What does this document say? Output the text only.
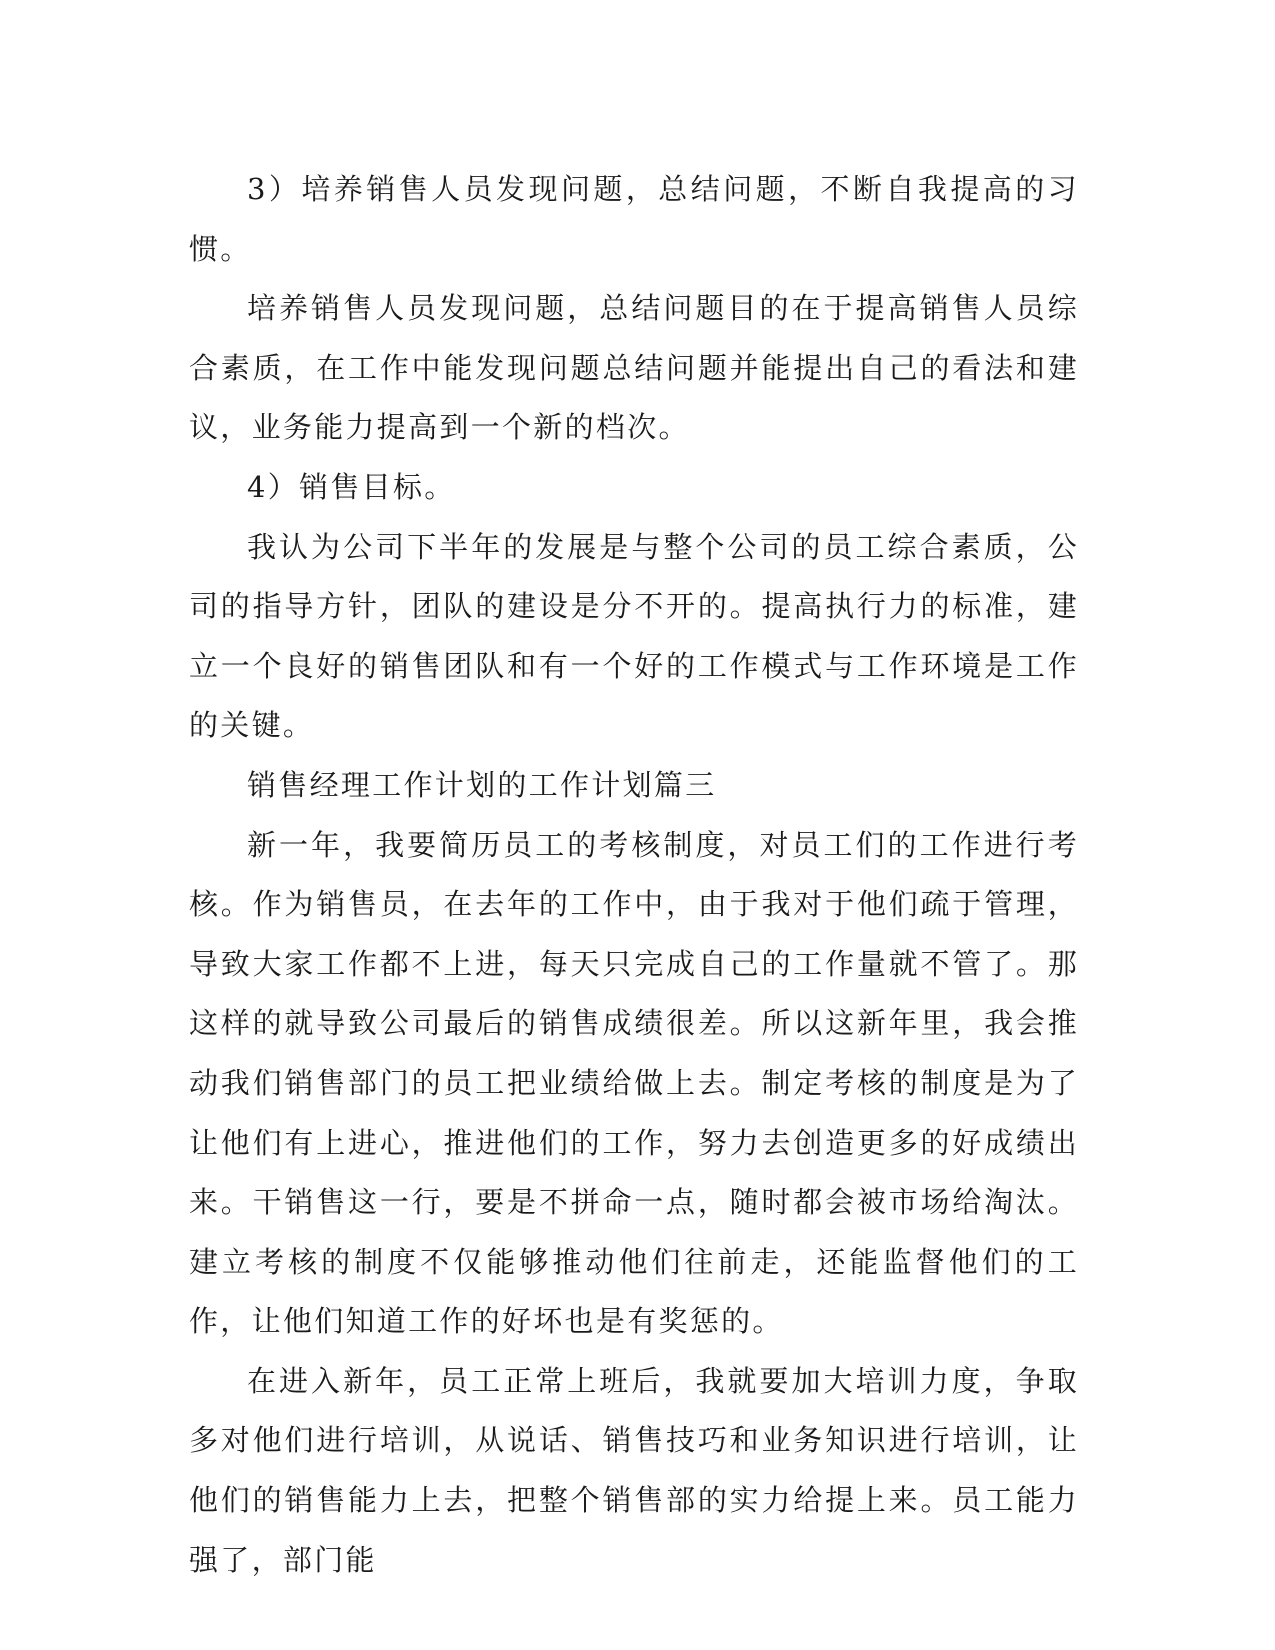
3）培养销售人员发现问题，总结问题，不断自我提高的习惯。

培养销售人员发现问题，总结问题目的在于提高销售人员综合素质，在工作中能发现问题总结问题并能提出自己的看法和建议，业务能力提高到一个新的档次。

4）销售目标。

我认为公司下半年的发展是与整个公司的员工综合素质，公司的指导方针，团队的建设是分不开的。提高执行力的标准，建立一个良好的销售团队和有一个好的工作模式与工作环境是工作的关键。

销售经理工作计划的工作计划篇三

新一年，我要简历员工的考核制度，对员工们的工作进行考核。作为销售员，在去年的工作中，由于我对于他们疏于管理，导致大家工作都不上进，每天只完成自己的工作量就不管了。那这样的就导致公司最后的销售成绩很差。所以这新年里，我会推动我们销售部门的员工把业绩给做上去。制定考核的制度是为了让他们有上进心，推进他们的工作，努力去创造更多的好成绩出来。干销售这一行，要是不拼命一点，随时都会被市场给淘汰。建立考核的制度不仅能够推动他们往前走，还能监督他们的工作，让他们知道工作的好坏也是有奖惩的。

在进入新年，员工正常上班后，我就要加大培训力度，争取多对他们进行培训，从说话、销售技巧和业务知识进行培训，让他们的销售能力上去，把整个销售部的实力给提上来。员工能力强了，部门能
